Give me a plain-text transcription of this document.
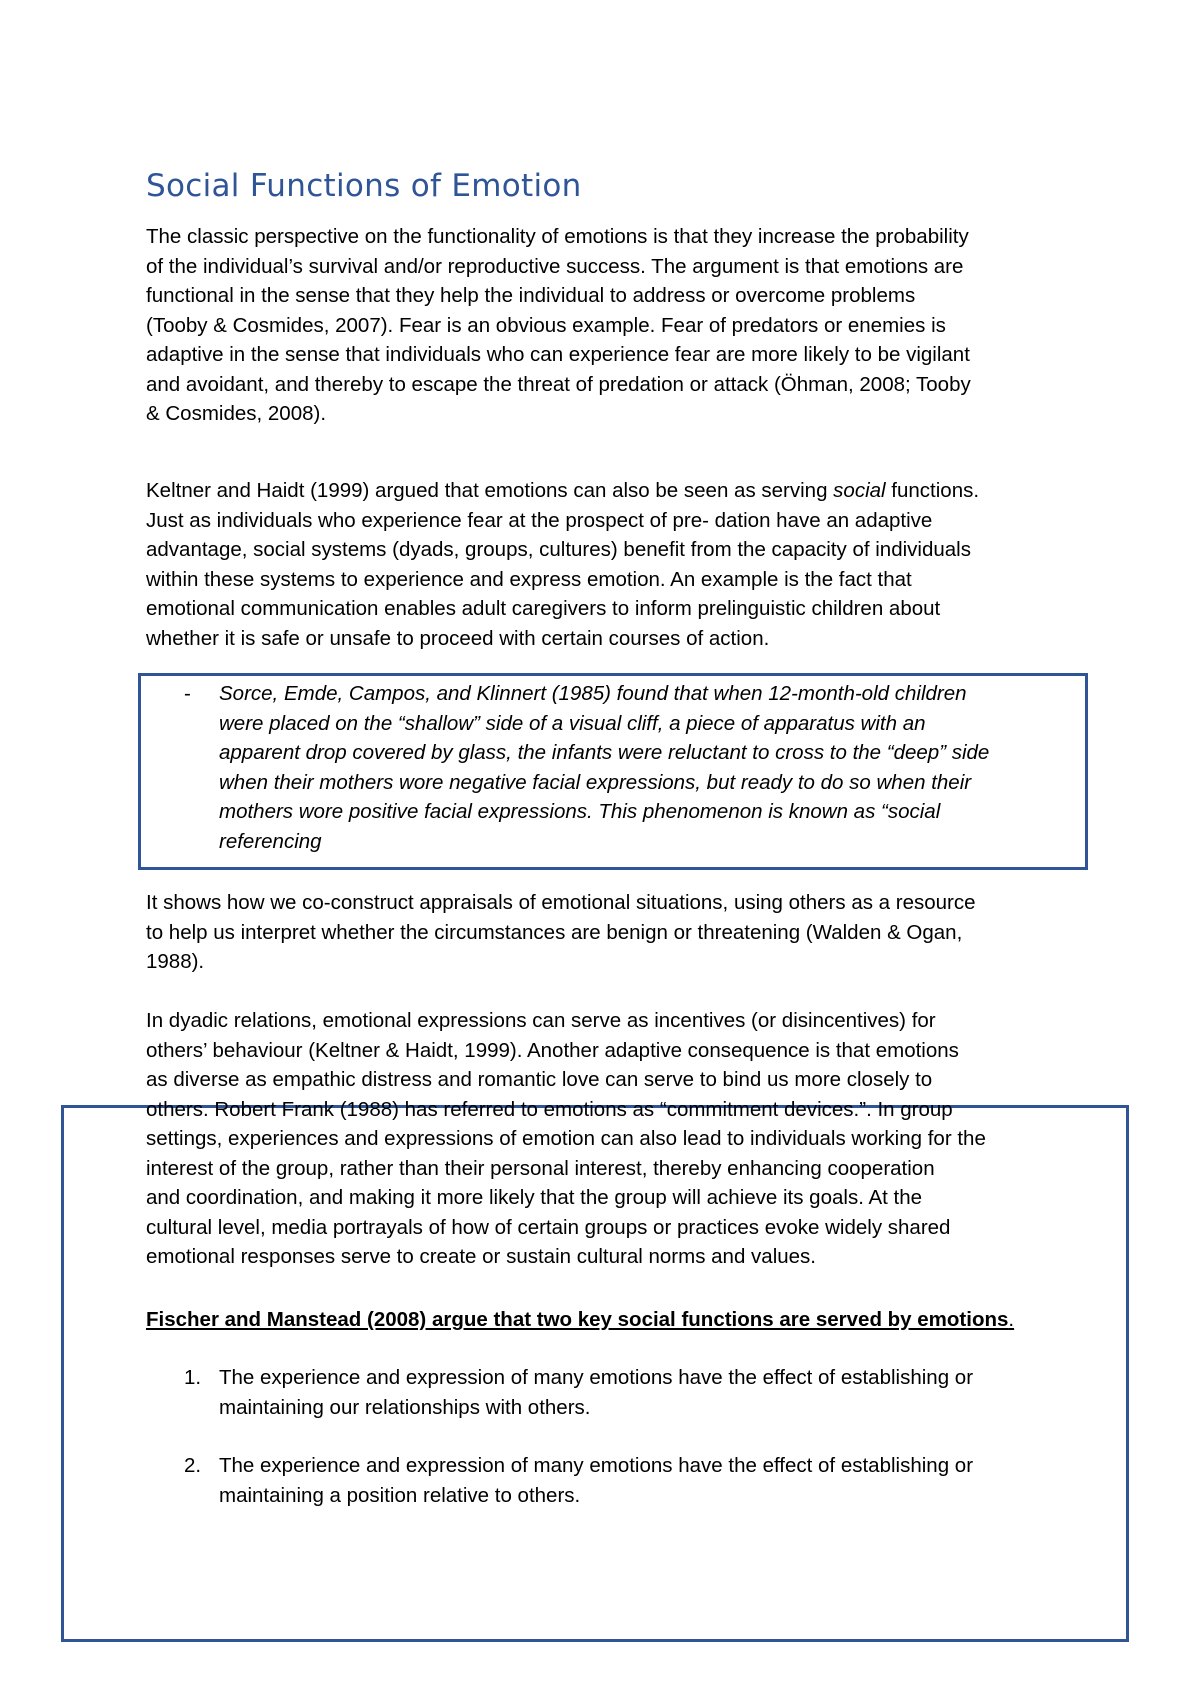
Social Functions of Emotion
The classic perspective on the functionality of emotions is that they increase the probability
of the individual’s survival and/or reproductive success. The argument is that emotions are
functional in the sense that they help the individual to address or overcome problems
(Tooby & Cosmides, 2007). Fear is an obvious example. Fear of predators or enemies is
adaptive in the sense that individuals who can experience fear are more likely to be vigilant
and avoidant, and thereby to escape the threat of predation or attack (Öhman, 2008; Tooby
& Cosmides, 2008).
Keltner and Haidt (1999) argued that emotions can also be seen as serving social functions.
Just as individuals who experience fear at the prospect of pre- dation have an adaptive
advantage, social systems (dyads, groups, cultures) benefit from the capacity of individuals
within these systems to experience and express emotion. An example is the fact that
emotional communication enables adult caregivers to inform prelinguistic children about
whether it is safe or unsafe to proceed with certain courses of action.
-	Sorce, Emde, Campos, and Klinnert (1985) found that when 12-month-old children
were placed on the “shallow” side of a visual cliff, a piece of apparatus with an
apparent drop covered by glass, the infants were reluctant to cross to the “deep” side
when their mothers wore negative facial expressions, but ready to do so when their
mothers wore positive facial expressions. This phenomenon is known as “social
referencing
It shows how we co-construct appraisals of emotional situations, using others as a resource
to help us interpret whether the circumstances are benign or threatening (Walden & Ogan,
1988).
In dyadic relations, emotional expressions can serve as incentives (or disincentives) for
others’ behaviour (Keltner & Haidt, 1999). Another adaptive consequence is that emotions
as diverse as empathic distress and romantic love can serve to bind us more closely to
others. Robert Frank (1988) has referred to emotions as “commitment devices.”. In group
settings, experiences and expressions of emotion can also lead to individuals working for the
interest of the group, rather than their personal interest, thereby enhancing cooperation
and coordination, and making it more likely that the group will achieve its goals. At the
cultural level, media portrayals of how of certain groups or practices evoke widely shared
emotional responses serve to create or sustain cultural norms and values.
Fischer and Manstead (2008) argue that two key social functions are served by emotions.
1. The experience and expression of many emotions have the effect of establishing or
maintaining our relationships with others.
2. The experience and expression of many emotions have the effect of establishing or
maintaining a position relative to others.
